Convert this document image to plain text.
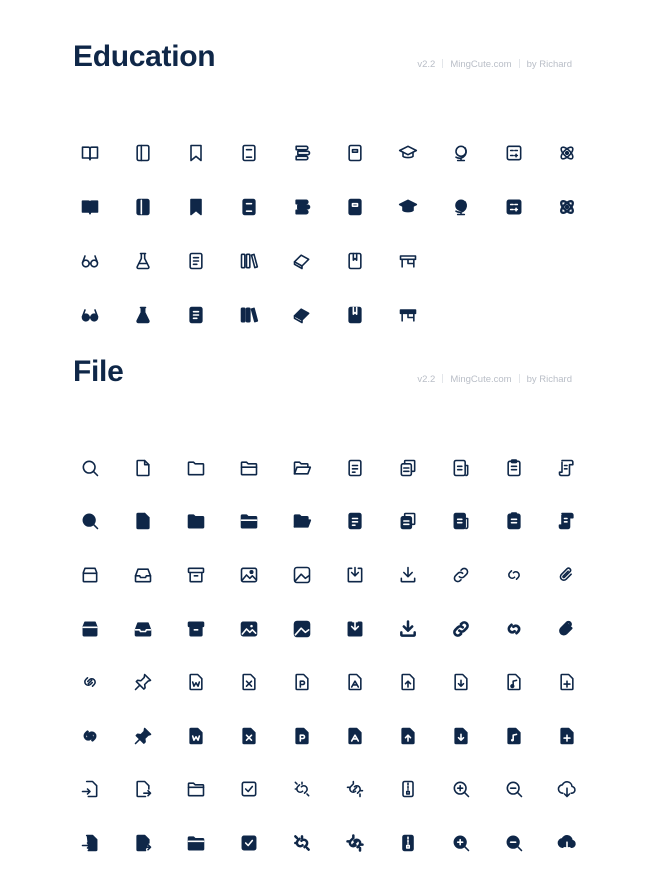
Education	v2.2 MingCute.com by Richard
File	v2.2 MingCute.com by Richard
